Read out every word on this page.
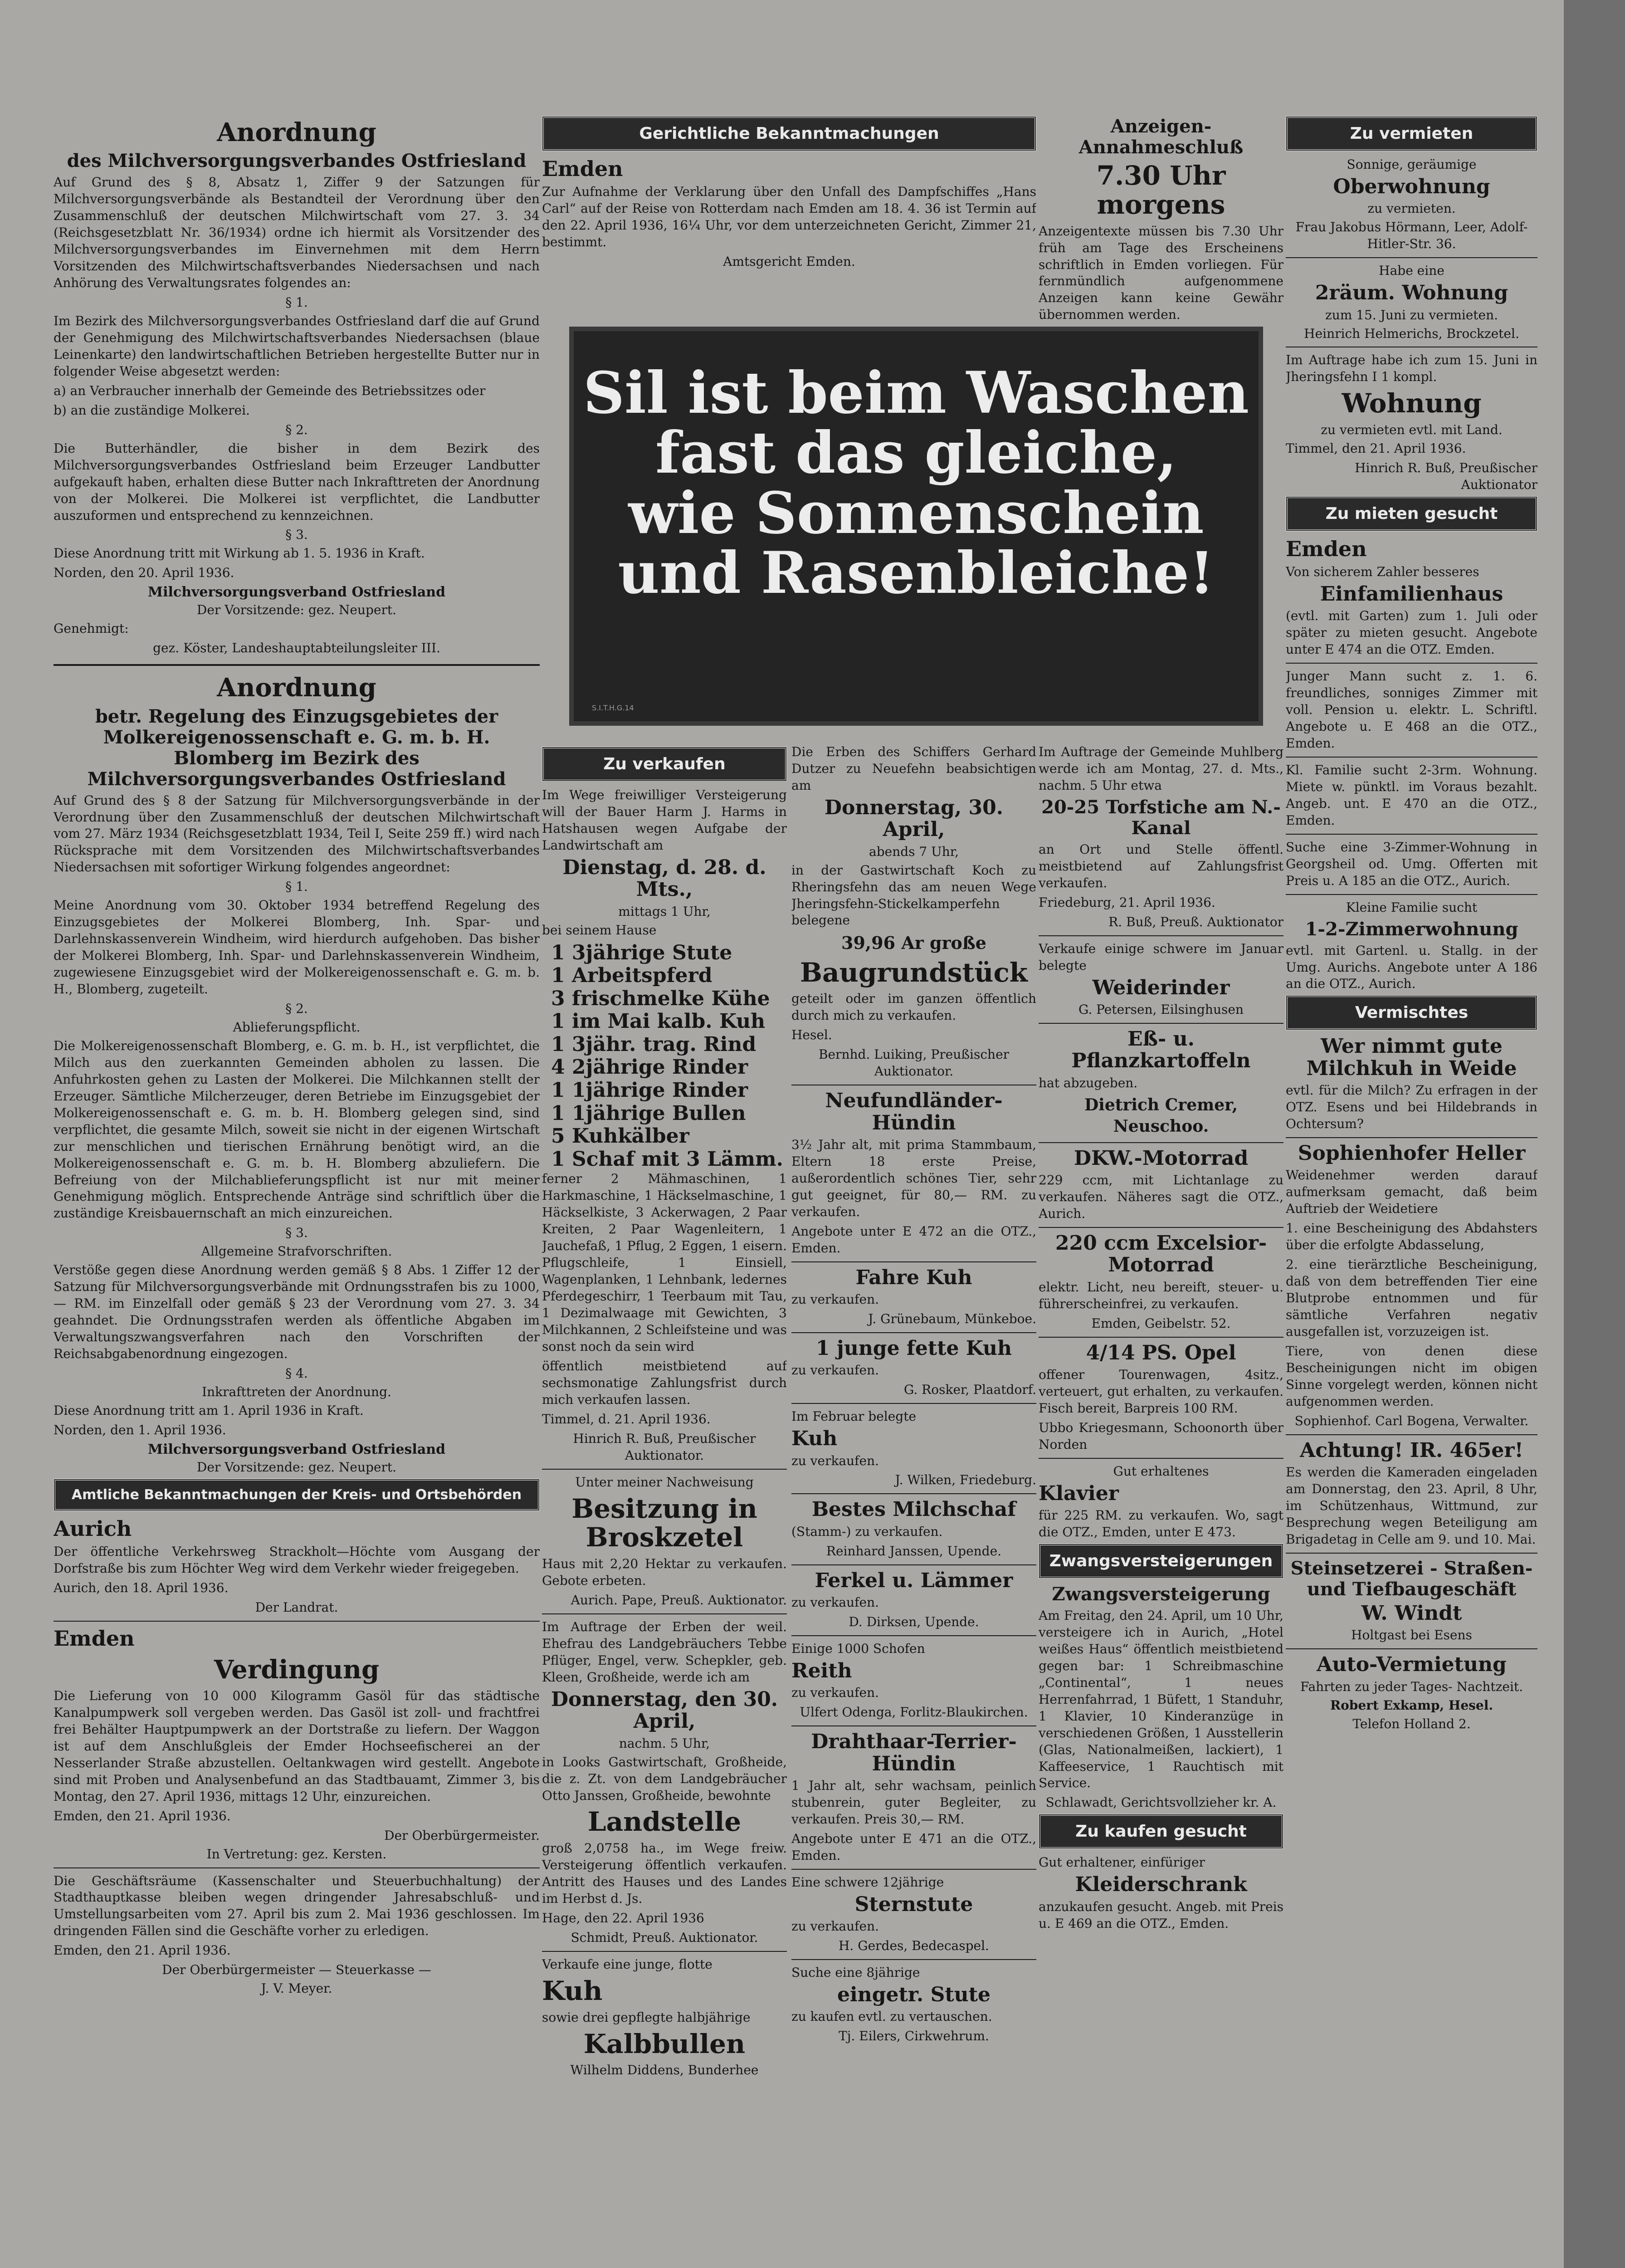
Anordnung
des Milchversorgungsverbandes Ostfriesland

Auf Grund des § 8, Absatz 1, Ziffer 9 der Satzungen für Milchversorgungsverbände als Bestandteil der Verordnung über den Zusammenschluß der deutschen Milchwirtschaft vom 27. 3. 34 (Reichsgesetzblatt Nr. 36/1934) ordne ich hiermit als Vorsitzender des Milchversorgungsverbandes im Einvernehmen mit dem Herrn Vorsitzenden des Milchwirtschaftsverbandes Niedersachsen und nach Anhörung des Verwaltungsrates folgendes an:

§ 1.

Im Bezirk des Milchversorgungsverbandes Ostfriesland darf die auf Grund der Genehmigung des Milchwirtschaftsverbandes Niedersachsen (blaue Leinenkarte) den landwirtschaftlichen Betrieben hergestellte Butter nur in folgender Weise abgesetzt werden:

a) an Verbraucher innerhalb der Gemeinde des Betriebssitzes oder

b) an die zuständige Molkerei.

§ 2.

Die Butterhändler, die bisher in dem Bezirk des Milchversorgungsverbandes Ostfriesland beim Erzeuger Landbutter aufgekauft haben, erhalten diese Butter nach Inkrafttreten der Anordnung von der Molkerei. Die Molkerei ist verpflichtet, die Landbutter auszuformen und entsprechend zu kennzeichnen.

§ 3.

Diese Anordnung tritt mit Wirkung ab 1. 5. 1936 in Kraft.

Norden, den 20. April 1936.

Milchversorgungsverband Ostfriesland

Der Vorsitzende: gez. Neupert.

Genehmigt:

gez. Köster, Landeshauptabteilungsleiter III.

Anordnung
betr. Regelung des Einzugsgebietes der Molkereigenossenschaft e. G. m. b. H. Blomberg im Bezirk des Milchversorgungsverbandes Ostfriesland

Auf Grund des § 8 der Satzung für Milchversorgungsverbände in der Verordnung über den Zusammenschluß der deutschen Milchwirtschaft vom 27. März 1934 (Reichsgesetzblatt 1934, Teil I, Seite 259 ff.) wird nach Rücksprache mit dem Vorsitzenden des Milchwirtschaftsverbandes Niedersachsen mit sofortiger Wirkung folgendes angeordnet:

§ 1.

Meine Anordnung vom 30. Oktober 1934 betreffend Regelung des Einzugsgebietes der Molkerei Blomberg, Inh. Spar- und Darlehnskassenverein Windheim, wird hierdurch aufgehoben. Das bisher der Molkerei Blomberg, Inh. Spar- und Darlehnskassenverein Windheim, zugewiesene Einzugsgebiet wird der Molkereigenossenschaft e. G. m. b. H., Blomberg, zugeteilt.

§ 2.

Ablieferungspflicht.

Die Molkereigenossenschaft Blomberg, e. G. m. b. H., ist verpflichtet, die Milch aus den zuerkannten Gemeinden abholen zu lassen. Die Anfuhrkosten gehen zu Lasten der Molkerei. Die Milchkannen stellt der Erzeuger. Sämtliche Milcherzeuger, deren Betriebe im Einzugsgebiet der Molkereigenossenschaft e. G. m. b. H. Blomberg gelegen sind, sind verpflichtet, die gesamte Milch, soweit sie nicht in der eigenen Wirtschaft zur menschlichen und tierischen Ernährung benötigt wird, an die Molkereigenossenschaft e. G. m. b. H. Blomberg abzuliefern. Die Befreiung von der Milchablieferungspflicht ist nur mit meiner Genehmigung möglich. Entsprechende Anträge sind schriftlich über die zuständige Kreisbauernschaft an mich einzureichen.

§ 3.

Allgemeine Strafvorschriften.

Verstöße gegen diese Anordnung werden gemäß § 8 Abs. 1 Ziffer 12 der Satzung für Milchversorgungsverbände mit Ordnungsstrafen bis zu 1000,— RM. im Einzelfall oder gemäß § 23 der Verordnung vom 27. 3. 34 geahndet. Die Ordnungsstrafen werden als öffentliche Abgaben im Verwaltungszwangsverfahren nach den Vorschriften der Reichsabgabenordnung eingezogen.

§ 4.

Inkrafttreten der Anordnung.

Diese Anordnung tritt am 1. April 1936 in Kraft.

Norden, den 1. April 1936.

Milchversorgungsverband Ostfriesland

Der Vorsitzende: gez. Neupert.

Amtliche Bekanntmachungen der Kreis- und Ortsbehörden
Aurich

Der öffentliche Verkehrsweg Strackholt—Höchte vom Ausgang der Dorfstraße bis zum Höchter Weg wird dem Verkehr wieder freigegeben.

Aurich, den 18. April 1936.

Der Landrat.

Emden
Verdingung

Die Lieferung von 10 000 Kilogramm Gasöl für das städtische Kanalpumpwerk soll vergeben werden. Das Gasöl ist zoll- und frachtfrei frei Behälter Hauptpumpwerk an der Dortstraße zu liefern. Der Waggon ist auf dem Anschlußgleis der Emder Hochseefischerei an der Nesserlander Straße abzustellen. Oeltankwagen wird gestellt. Angebote sind mit Proben und Analysenbefund an das Stadtbauamt, Zimmer 3, bis Montag, den 27. April 1936, mittags 12 Uhr, einzureichen.

Emden, den 21. April 1936.

Der Oberbürgermeister.

In Vertretung: gez. Kersten.

Die Geschäftsräume (Kassenschalter und Steuerbuchhaltung) der Stadthauptkasse bleiben wegen dringender Jahresabschluß- und Umstellungsarbeiten vom 27. April bis zum 2. Mai 1936 geschlossen. Im dringenden Fällen sind die Geschäfte vorher zu erledigen.

Emden, den 21. April 1936.

Der Oberbürgermeister — Steuerkasse —

J. V. Meyer.

Gerichtliche Bekanntmachungen
Emden

Zur Aufnahme der Verklarung über den Unfall des Dampfschiffes „Hans Carl“ auf der Reise von Rotterdam nach Emden am 18. 4. 36 ist Termin auf den 22. April 1936, 16¼ Uhr, vor dem unterzeichneten Gericht, Zimmer 21, bestimmt.

Amtsgericht Emden.

Sil ist beim Waschen
fast das gleiche,
wie Sonnenschein
und Rasenbleiche!
S.I.T.H.G.14
Zu verkaufen

Im Wege freiwilliger Versteigerung will der Bauer Harm J. Harms in Hatshausen wegen Aufgabe der Landwirtschaft am

Dienstag, d. 28. d. Mts.,

mittags 1 Uhr,

bei seinem Hause

1 3jährige Stute
1 Arbeitspferd
3 frischmelke Kühe
1 im Mai kalb. Kuh
1 3jähr. trag. Rind
4 2jährige Rinder
1 1jährige Rinder
1 1jährige Bullen
5 Kuhkälber
1 Schaf mit 3 Lämm.

ferner 2 Mähmaschinen, 1 Harkmaschine, 1 Häckselmaschine, 1 Häckselkiste, 3 Ackerwagen, 2 Paar Kreiten, 2 Paar Wagenleitern, 1 Jauchefaß, 1 Pflug, 2 Eggen, 1 eisern. Pflugschleife, 1 Einsiell, Wagenplanken, 1 Lehnbank, ledernes Pferdegeschirr, 1 Teerbaum mit Tau, 1 Dezimalwaage mit Gewichten, 3 Milchkannen, 2 Schleifsteine und was sonst noch da sein wird

öffentlich meistbietend auf sechsmonatige Zahlungsfrist durch mich verkaufen lassen.

Timmel, d. 21. April 1936.

Hinrich R. Buß, Preußischer Auktionator.

Unter meiner Nachweisung

Besitzung in Broskzetel

Haus mit 2,20 Hektar zu verkaufen. Gebote erbeten.

Aurich. Pape, Preuß. Auktionator.

Im Auftrage der Erben der weil. Ehefrau des Landgebräuchers Tebbe Pflüger, Engel, verw. Schepkler, geb. Kleen, Großheide, werde ich am

Donnerstag, den 30. April,

nachm. 5 Uhr,

in Looks Gastwirtschaft, Großheide, die z. Zt. von dem Landgebräucher Otto Janssen, Großheide, bewohnte

Landstelle

groß 2,0758 ha., im Wege freiw. Versteigerung öffentlich verkaufen. Antritt des Hauses und des Landes im Herbst d. Js.

Hage, den 22. April 1936

Schmidt, Preuß. Auktionator.

Verkaufe eine junge, flotte

Kuh

sowie drei gepflegte halbjährige

Kalbbullen

Wilhelm Diddens, Bunderhee

Die Erben des Schiffers Gerhard Dutzer zu Neuefehn beabsichtigen am

Donnerstag, 30. April,

abends 7 Uhr,

in der Gastwirtschaft Koch zu Rheringsfehn das am neuen Wege Jheringsfehn-Stickelkamperfehn belegene

39,96 Ar große

Baugrundstück

geteilt oder im ganzen öffentlich durch mich zu verkaufen.

Hesel.

Bernhd. Luiking, Preußischer Auktionator.

Neufundländer-Hündin

3½ Jahr alt, mit prima Stammbaum, Eltern 18 erste Preise, außerordentlich schönes Tier, sehr gut geeignet, für 80,— RM. zu verkaufen.

Angebote unter E 472 an die OTZ., Emden.

Fahre Kuh

zu verkaufen.

J. Grünebaum, Münkeboe.

1 junge fette Kuh

zu verkaufen.

G. Rosker, Plaatdorf.

Im Februar belegte

Kuh

zu verkaufen.

J. Wilken, Friedeburg.

Bestes Milchschaf

(Stamm-) zu verkaufen.

Reinhard Janssen, Upende.

Ferkel u. Lämmer

zu verkaufen.

D. Dirksen, Upende.

Einige 1000 Schofen

Reith

zu verkaufen.

Ulfert Odenga, Forlitz-Blaukirchen.

Drahthaar-Terrier-Hündin

1 Jahr alt, sehr wachsam, peinlich stubenrein, guter Begleiter, zu verkaufen. Preis 30,— RM.

Angebote unter E 471 an die OTZ., Emden.

Eine schwere 12jährige

Sternstute

zu verkaufen.

H. Gerdes, Bedecaspel.

Suche eine 8jährige

eingetr. Stute

zu kaufen evtl. zu vertauschen.

Tj. Eilers, Cirkwehrum.

Anzeigen-Annahmeschluß
7.30 Uhr morgens

Anzeigentexte müssen bis 7.30 Uhr früh am Tage des Erscheinens schriftlich in Emden vorliegen. Für fernmündlich aufgenommene Anzeigen kann keine Gewähr übernommen werden.

Im Auftrage der Gemeinde Muhlberg werde ich am Montag, 27. d. Mts., nachm. 5 Uhr etwa

20-25 Torfstiche am N.-Kanal

an Ort und Stelle öffentl. meistbietend auf Zahlungsfrist verkaufen.

Friedeburg, 21. April 1936.

R. Buß, Preuß. Auktionator

Verkaufe einige schwere im Januar belegte

Weiderinder

G. Petersen, Eilsinghusen

Eß- u. Pflanzkartoffeln

hat abzugeben.

Dietrich Cremer, Neuschoo.

DKW.-Motorrad

229 ccm, mit Lichtanlage zu verkaufen. Näheres sagt die OTZ., Aurich.

220 ccm Excelsior-Motorrad

elektr. Licht, neu bereift, steuer- u. führerscheinfrei, zu verkaufen.

Emden, Geibelstr. 52.

4/14 PS. Opel

offener Tourenwagen, 4sitz., verteuert, gut erhalten, zu verkaufen. Fisch bereit, Barpreis 100 RM.

Ubbo Kriegesmann, Schoonorth über Norden

Gut erhaltenes

Klavier

für 225 RM. zu verkaufen. Wo, sagt die OTZ., Emden, unter E 473.

Zwangsversteigerungen
Zwangsversteigerung

Am Freitag, den 24. April, um 10 Uhr, versteigere ich in Aurich, „Hotel weißes Haus“ öffentlich meistbietend gegen bar: 1 Schreibmaschine „Continental“, 1 neues Herrenfahrrad, 1 Büfett, 1 Standuhr, 1 Klavier, 10 Kinderanzüge in verschiedenen Größen, 1 Ausstellerin (Glas, Nationalmeißen, lackiert), 1 Kaffeeservice, 1 Rauchtisch mit Service.

Schlawadt, Gerichtsvollzieher kr. A.

Zu kaufen gesucht

Gut erhaltener, einfüriger

Kleiderschrank

anzukaufen gesucht. Angeb. mit Preis u. E 469 an die OTZ., Emden.

Zu vermieten

Sonnige, geräumige

Oberwohnung

zu vermieten.

Frau Jakobus Hörmann, Leer, Adolf-Hitler-Str. 36.

Habe eine

2räum. Wohnung

zum 15. Juni zu vermieten.

Heinrich Helmerichs, Brockzetel.

Im Auftrage habe ich zum 15. Juni in Jheringsfehn I 1 kompl.

Wohnung

zu vermieten evtl. mit Land.

Timmel, den 21. April 1936.

Hinrich R. Buß, Preußischer Auktionator

Zu mieten gesucht
Emden

Von sicherem Zahler besseres

Einfamilienhaus

(evtl. mit Garten) zum 1. Juli oder später zu mieten gesucht. Angebote unter E 474 an die OTZ. Emden.

Junger Mann sucht z. 1. 6. freundliches, sonniges Zimmer mit voll. Pension u. elektr. L. Schriftl. Angebote u. E 468 an die OTZ., Emden.

Kl. Familie sucht 2-3rm. Wohnung. Miete w. pünktl. im Voraus bezahlt. Angeb. unt. E 470 an die OTZ., Emden.

Suche eine 3-Zimmer-Wohnung in Georgsheil od. Umg. Offerten mit Preis u. A 185 an die OTZ., Aurich.

Kleine Familie sucht

1-2-Zimmerwohnung

evtl. mit Gartenl. u. Stallg. in der Umg. Aurichs. Angebote unter A 186 an die OTZ., Aurich.

Vermischtes
Wer nimmt gute Milchkuh in Weide

evtl. für die Milch? Zu erfragen in der OTZ. Esens und bei Hildebrands in Ochtersum?

Sophienhofer Heller

Weidenehmer werden darauf aufmerksam gemacht, daß beim Auftrieb der Weidetiere

1. eine Bescheinigung des Abdahsters über die erfolgte Abdasselung,

2. eine tierärztliche Bescheinigung, daß von dem betreffenden Tier eine Blutprobe entnommen und für sämtliche Verfahren negativ ausgefallen ist, vorzuzeigen ist.

Tiere, von denen diese Bescheinigungen nicht im obigen Sinne vorgelegt werden, können nicht aufgenommen werden.

Sophienhof. Carl Bogena, Verwalter.

Achtung! IR. 465er!

Es werden die Kameraden eingeladen am Donnerstag, den 23. April, 8 Uhr, im Schützenhaus, Wittmund, zur Besprechung wegen Beteiligung am Brigadetag in Celle am 9. und 10. Mai.

Steinsetzerei - Straßen- und Tiefbaugeschäft
W. Windt

Holtgast bei Esens

Auto-Vermietung

Fahrten zu jeder Tages- Nachtzeit.

Robert Exkamp, Hesel.

Telefon Holland 2.
